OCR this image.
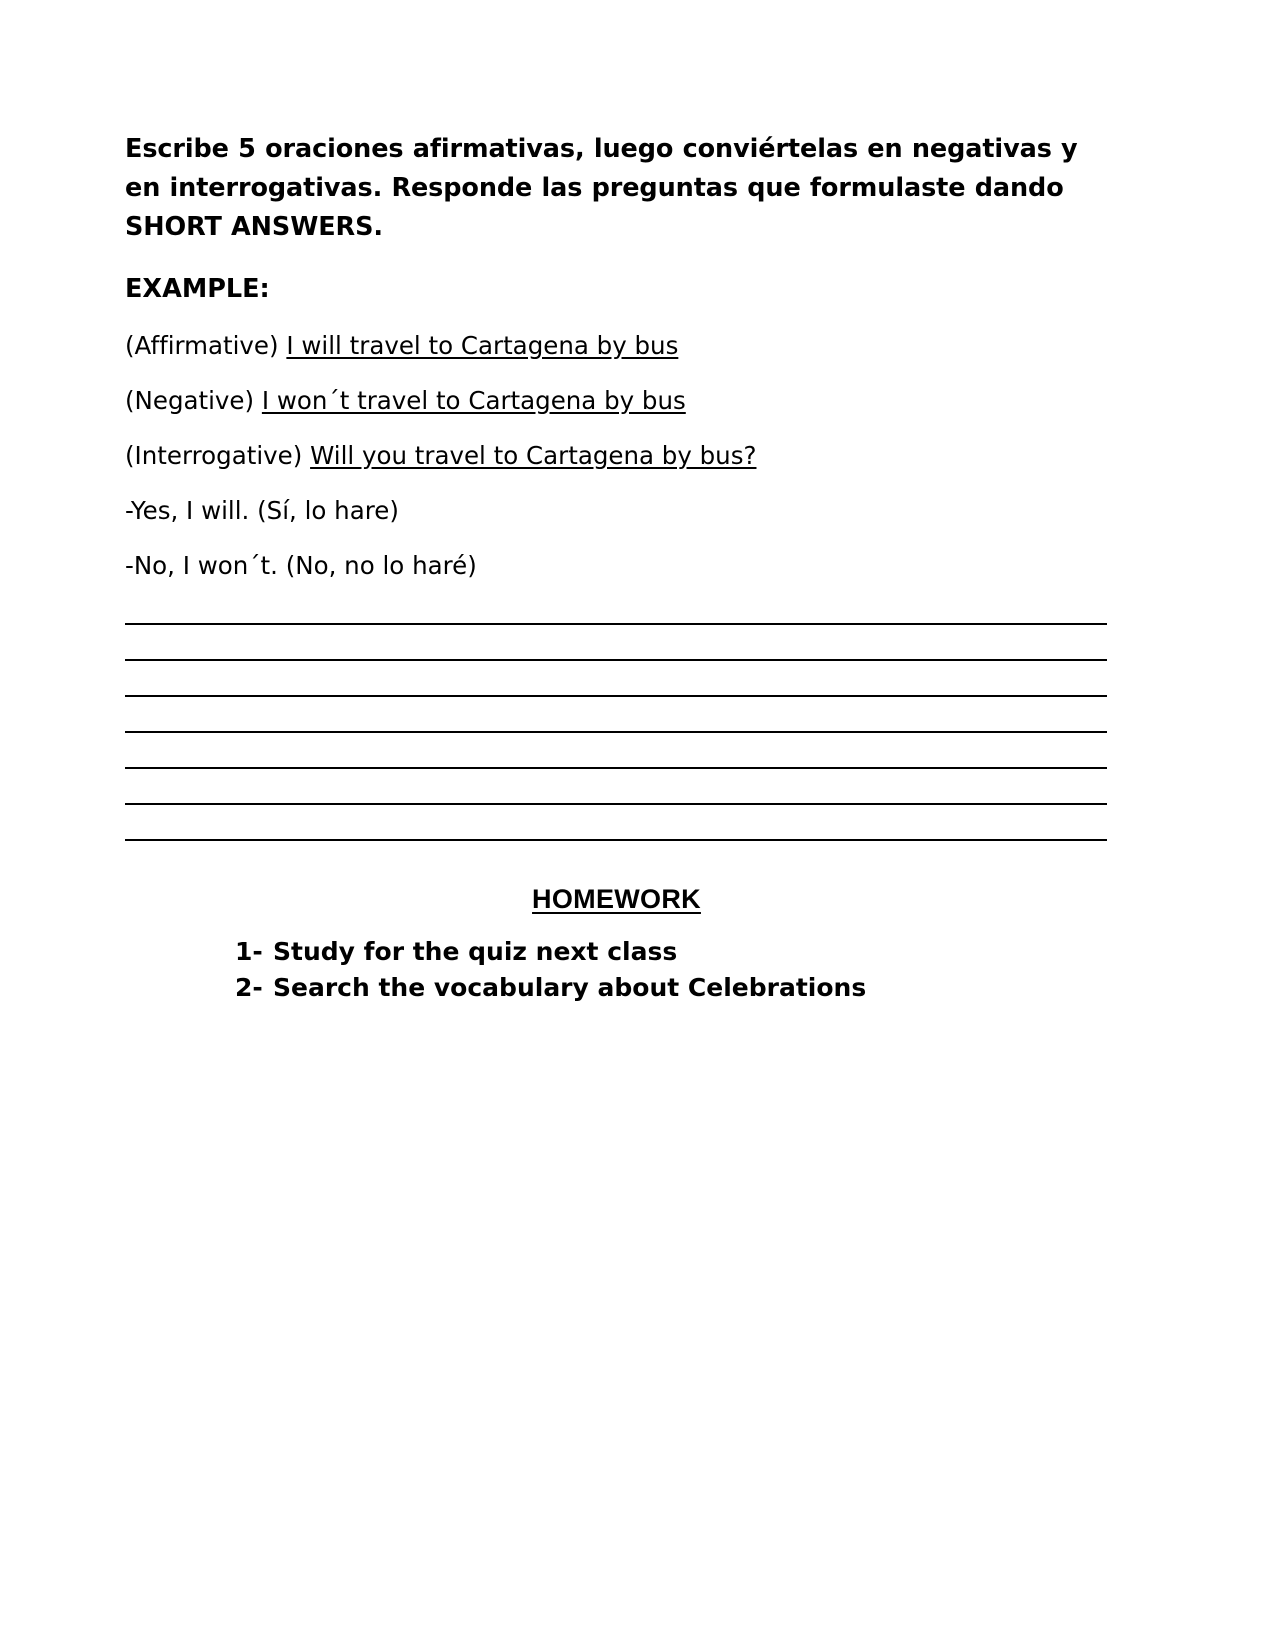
Escribe 5 oraciones afirmativas, luego conviértelas en negativas y en interrogativas. Responde las preguntas que formulaste dando SHORT ANSWERS.

EXAMPLE:

(Affirmative) I will travel to Cartagena by bus

(Negative) I won´t travel to Cartagena by bus

(Interrogative) Will you travel to Cartagena by bus?

-Yes, I will. (Sí, lo hare)

-No, I won´t. (No, no lo haré)

HOMEWORK
1- Study for the quiz next class
2- Search the vocabulary about Celebrations
